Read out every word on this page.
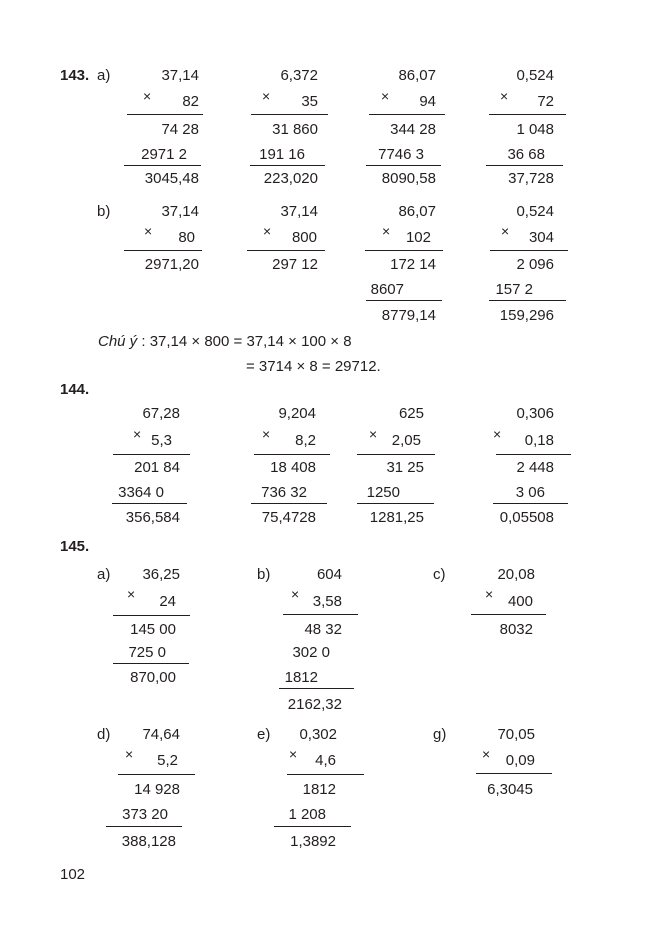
143. a)	37,14
× 82
74 28
2971 2
3045,48
6,372
× 35
31 860
191 16
223,020
86,07
× 94
344 28
7746 3
8090,58
0,524
× 72
1 048
36 68
37,728
b)	37,14
× 80
2971,20
37,14
× 800
297 12
86,07
× 102
172 14
8607
8779,14
0,524
× 304
2 096
157 2
159,296
Chú ý : 37,14 × 800 = 37,14 × 100 × 8
= 3714 × 8 = 29712.
144.
67,28
× 5,3
201 84
3364 0
356,584
9,204
× 8,2
18 408
736 32
75,4728
625
× 2,05
31 25
1250
1281,25
0,306
× 0,18
2 448
3 06
0,05508
145.
a) 36,25
× 24
145 00
725 0
870,00
b)	604
× 3,58
48 32
302 0
1812
2162,32
c)	20,08
× 400
8032
d) 74,64
× 5,2
14 928
373 20
388,128
e) 0,302
× 4,6
1812
1 208
1,3892
g)	70,05
× 0,09
6,3045
102
